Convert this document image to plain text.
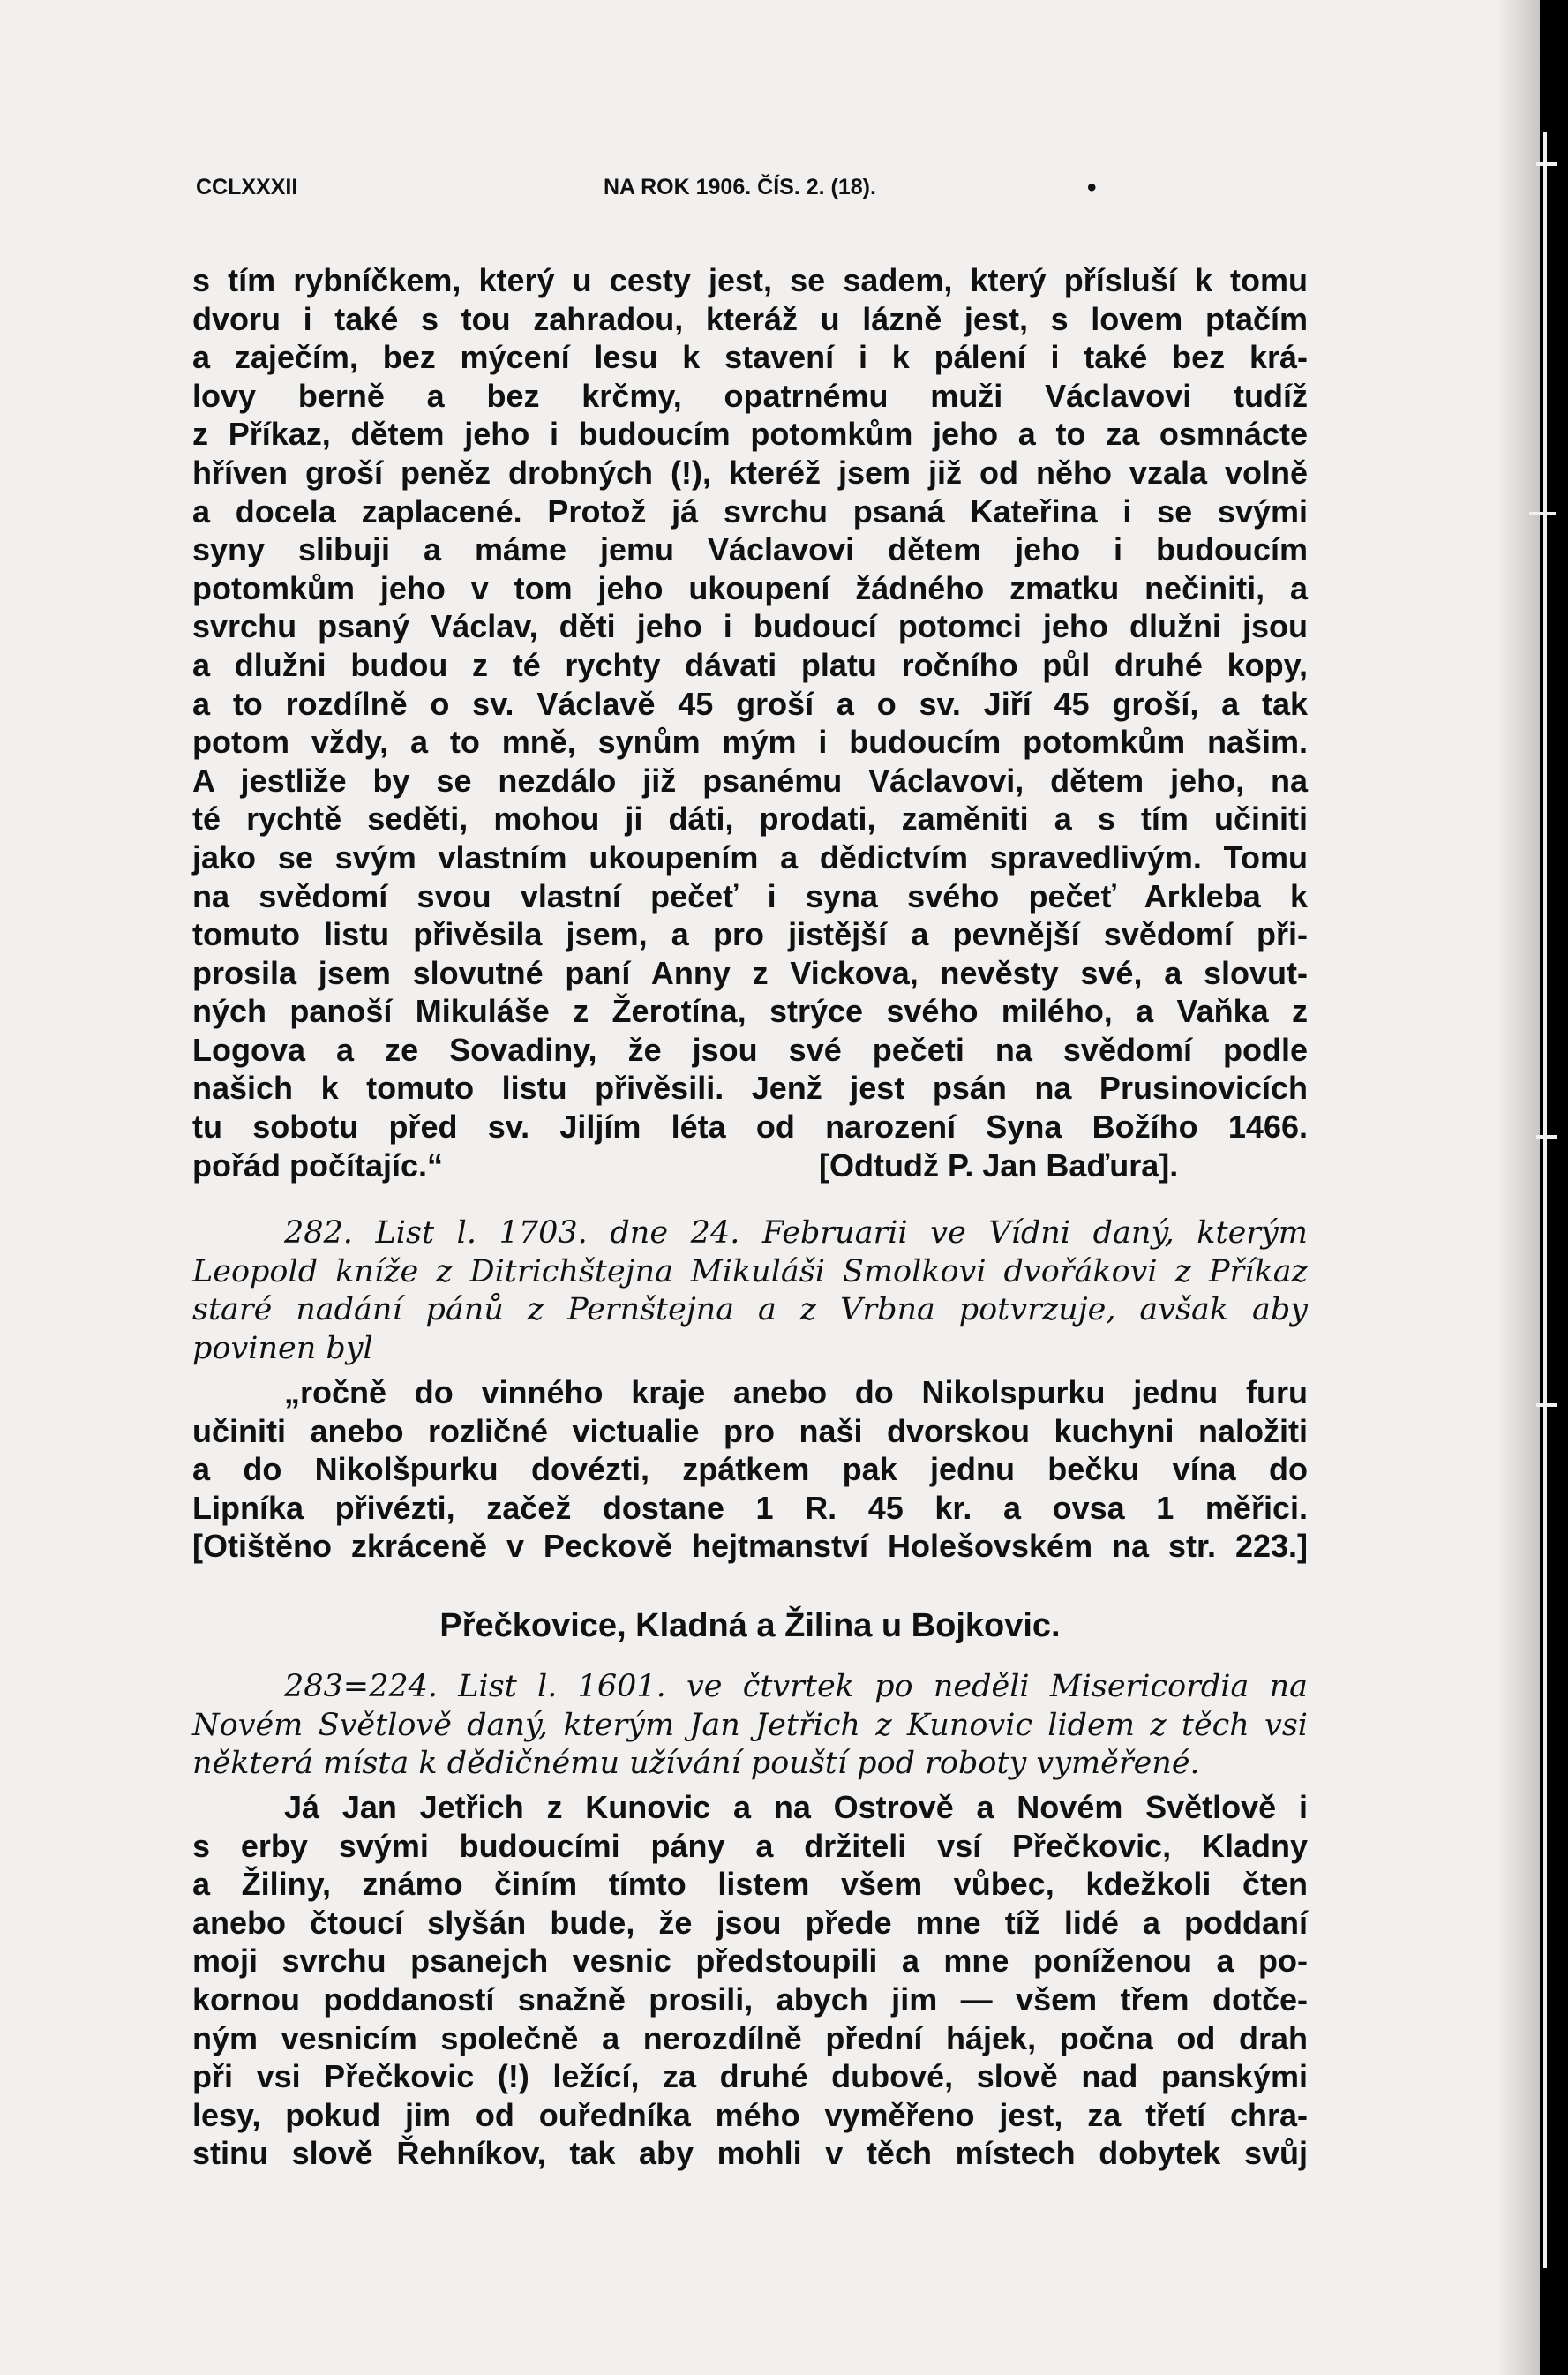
CCLXXXII	NA ROK 1906. ČÍS. 2. (18).	•
s tím rybníčkem, který u cesty jest, se sadem, který přísluší k tomu
dvoru i také s tou zahradou, kteráž u lázně jest, s lovem ptačím
a zaječím, bez mýcení lesu k stavení i k pálení i také bez krá-
lovy berně a bez krčmy, opatrnému muži Václavovi tudíž
z Příkaz, dětem jeho i budoucím potomkům jeho a to za osmnácte
hříven groší peněz drobných (!), kteréž jsem již od něho vzala volně
a docela zaplacené. Protož já svrchu psaná Kateřina i se svými
syny slibuji a máme jemu Václavovi dětem jeho i budoucím
potomkům jeho v tom jeho ukoupení žádného zmatku nečiniti, a
svrchu psaný Václav, děti jeho i budoucí potomci jeho dlužni jsou
a dlužni budou z té rychty dávati platu ročního půl druhé kopy,
a to rozdílně o sv. Václavě 45 groší a o sv. Jiří 45 groší, a tak
potom vždy, a to mně, synům mým i budoucím potomkům našim.
A jestliže by se nezdálo již psanému Václavovi, dětem jeho, na
té rychtě seděti, mohou ji dáti, prodati, zaměniti a s tím učiniti
jako se svým vlastním ukoupením a dědictvím spravedlivým. Tomu
na svědomí svou vlastní pečeť i syna svého pečeť Arkleba k
tomuto listu přivěsila jsem, a pro jistější a pevnější svědomí při-
prosila jsem slovutné paní Anny z Vickova, nevěsty své, a slovut-
ných panoší Mikuláše z Žerotína, strýce svého milého, a Vaňka z
Logova a ze Sovadiny, že jsou své pečeti na svědomí podle
našich k tomuto listu přivěsili. Jenž jest psán na Prusinovicích
tu sobotu před sv. Jiljím léta od narození Syna Božího 1466.
pořád počítajíc.“	[Odtudž P. Jan Baďura].
282. List l. 1703. dne 24. Februarii ve Vídni daný, kterým
Leopold kníže z Ditrichštejna Mikuláši Smolkovi dvořákovi z Příkaz
staré nadání pánů z Pernštejna a z Vrbna potvrzuje, avšak aby
povinen byl
„ročně do vinného kraje anebo do Nikolspurku jednu furu
učiniti anebo rozličné victualie pro naši dvorskou kuchyni naložiti
a do Nikolšpurku dovézti, zpátkem pak jednu bečku vína do
Lipníka přivézti, začež dostane 1 R. 45 kr. a ovsa 1 měřici.
[Otištěno zkráceně v Peckově hejtmanství Holešovském na str. 223.]
Přečkovice, Kladná a Žilina u Bojkovic.
283=224. List l. 1601. ve čtvrtek po neděli Misericordia na
Novém Světlově daný, kterým Jan Jetřich z Kunovic lidem z těch vsi
některá místa k dědičnému užívání pouští pod roboty vyměřené.
Já Jan Jetřich z Kunovic a na Ostrově a Novém Světlově i
s erby svými budoucími pány a držiteli vsí Přečkovic, Kladny
a Žiliny, známo činím tímto listem všem vůbec, kdežkoli čten
anebo čtoucí slyšán bude, že jsou přede mne tíž lidé a poddaní
moji svrchu psanejch vesnic předstoupili a mne poníženou a po-
kornou poddaností snažně prosili, abych jim — všem třem dotče-
ným vesnicím společně a nerozdílně přední hájek, počna od drah
při vsi Přečkovic (!) ležící, za druhé dubové, slově nad panskými
lesy, pokud jim od ouředníka mého vyměřeno jest, za třetí chra-
stinu slově Řehníkov, tak aby mohli v těch místech dobytek svůj
